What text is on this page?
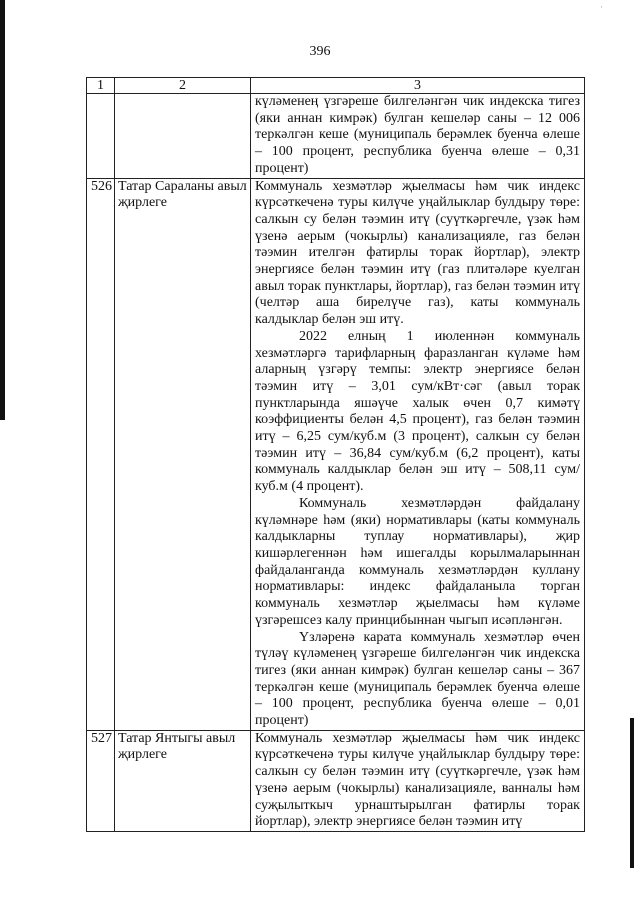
·
396
1	2	3

		күләменең үзгәреше билгеләнгән чик индекска тигез (яки аннан кимрәк) булган кешеләр саны – 12 006 теркәлгән кеше (муниципаль берәмлек буенча өлеше – 100 процент, республика буенча өлеше – 0,31 процент)

526	Татар Сараланы авыл җирлеге	Коммуналь хезмәтләр җыелмасы һәм чик индекс күрсәткеченә туры килүче уңайлыклар булдыру төре: салкын су белән тәэмин итү (суүткәргечле, үзәк һәм үзенә аерым (чокырлы) канализацияле, газ белән тәэмин ителгән фатирлы торак йортлар), электр энергиясе белән тәэмин итү (газ плитәләре куелган авыл торак пунктлары, йортлар), газ белән тәэмин итү (челтәр аша бирелүче газ), каты коммуналь калдыклар белән эш итү.

2022 елның 1 июленнән коммуналь хезмәтләргә тарифларның фаразланган күләме һәм аларның үзгәрү темпы: электр энергиясе белән тәэмин итү – 3,01 сум/кВт·сәг (авыл торак пунктларында яшәүче халык өчен 0,7 кимәтү коэффициенты белән 4,5 процент), газ белән тәэмин итү – 6,25 сум/куб.м (3 процент), салкын су белән тәэмин итү – 36,84 сум/куб.м (6,2 процент), каты коммуналь калдыклар белән эш итү – 508,11 сум/куб.м (4 процент).

Коммуналь хезмәтләрдән файдалану күләмнәре һәм (яки) нормативлары (каты коммуналь калдыкларны туплау нормативлары), җир кишәрлегеннән һәм ишегалды корылмаларыннан файдаланганда коммуналь хезмәтләрдән куллану нормативлары: индекс файдаланыла торган коммуналь хезмәтләр җыелмасы һәм күләме үзгәрешсез калу принцибыннан чыгып исәпләнгән.

Үзләренә карата коммуналь хезмәтләр өчен түләү күләменең үзгәреше билгеләнгән чик индекска тигез (яки аннан кимрәк) булган кешеләр саны – 367 теркәлгән кеше (муниципаль берәмлек буенча өлеше – 100 процент, республика буенча өлеше – 0,01 процент)

527	Татар Янтыгы авыл җирлеге	Коммуналь хезмәтләр җыелмасы һәм чик индекс күрсәткеченә туры килүче уңайлыклар булдыру төре: салкын су белән тәэмин итү (суүткәргечле, үзәк һәм үзенә аерым (чокырлы) канализацияле, ванналы һәм суҗылыткыч урнаштырылган фатирлы торак йортлар), электр энергиясе белән тәэмин итү
